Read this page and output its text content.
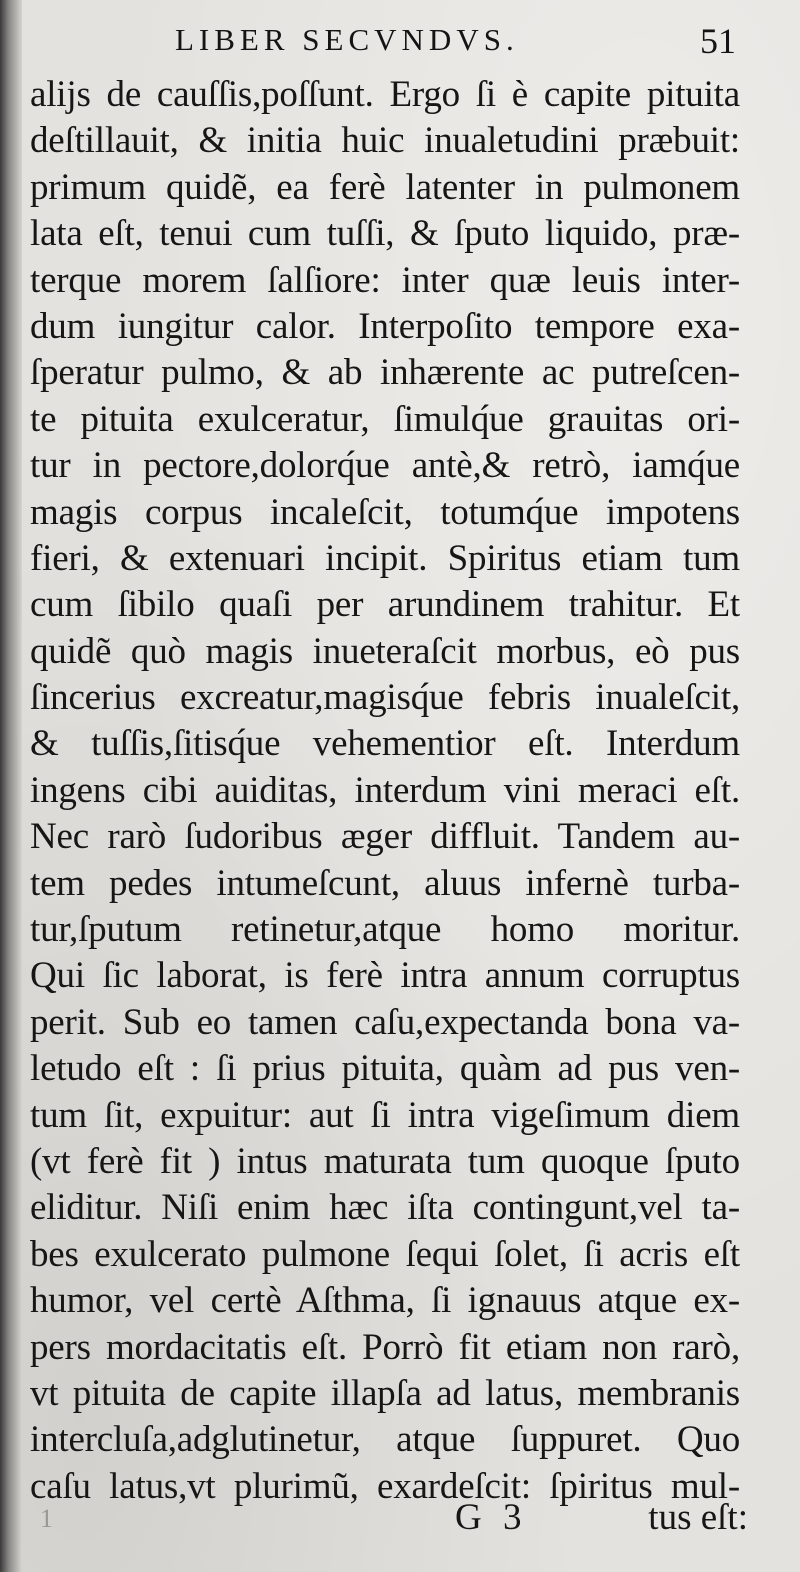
LIBER SECVNDVS.	51
alijs de cauſſis,poſſunt. Ergo ſi è capite pituita
deſtillauit, & initia huic inualetudini præbuit:
primum quidẽ, ea ferè latenter in pulmonem
lata eſt, tenui cum tuſſi, & ſputo liquido, præ-
terque morem ſalſiore: inter quæ leuis inter-
dum iungitur calor. Interpoſito tempore exa-
ſperatur pulmo, & ab inhærente ac putreſcen-
te pituita exulceratur, ſimulq́ue grauitas ori-
tur in pectore,dolorq́ue antè,& retrò, iamq́ue
magis corpus incaleſcit, totumq́ue impotens
fieri, & extenuari incipit. Spiritus etiam tum
cum ſibilo quaſi per arundinem trahitur. Et
quidẽ quò magis inueteraſcit morbus, eò pus
ſincerius excreatur,magisq́ue febris inualeſcit,
& tuſſis,ſitisq́ue vehementior eſt. Interdum
ingens cibi auiditas, interdum vini meraci eſt.
Nec rarò ſudoribus æger diffluit. Tandem au-
tem pedes intumeſcunt, aluus infernè turba-
tur,ſputum retinetur,atque homo moritur.
Qui ſic laborat, is ferè intra annum corruptus
perit. Sub eo tamen caſu,expectanda bona va-
letudo eſt : ſi prius pituita, quàm ad pus ven-
tum ſit, expuitur: aut ſi intra vigeſimum diem
(vt ferè fit ) intus maturata tum quoque ſputo
eliditur. Niſi enim hæc iſta contingunt,vel ta-
bes exulcerato pulmone ſequi ſolet, ſi acris eſt
humor, vel certè Aſthma, ſi ignauus atque ex-
pers mordacitatis eſt. Porrò fit etiam non rarò,
vt pituita de capite illapſa ad latus, membranis
intercluſa,adglutinetur, atque ſuppuret. Quo
caſu latus,vt plurimũ, exardeſcit: ſpiritus mul-
1	G 3	tus eſt:
